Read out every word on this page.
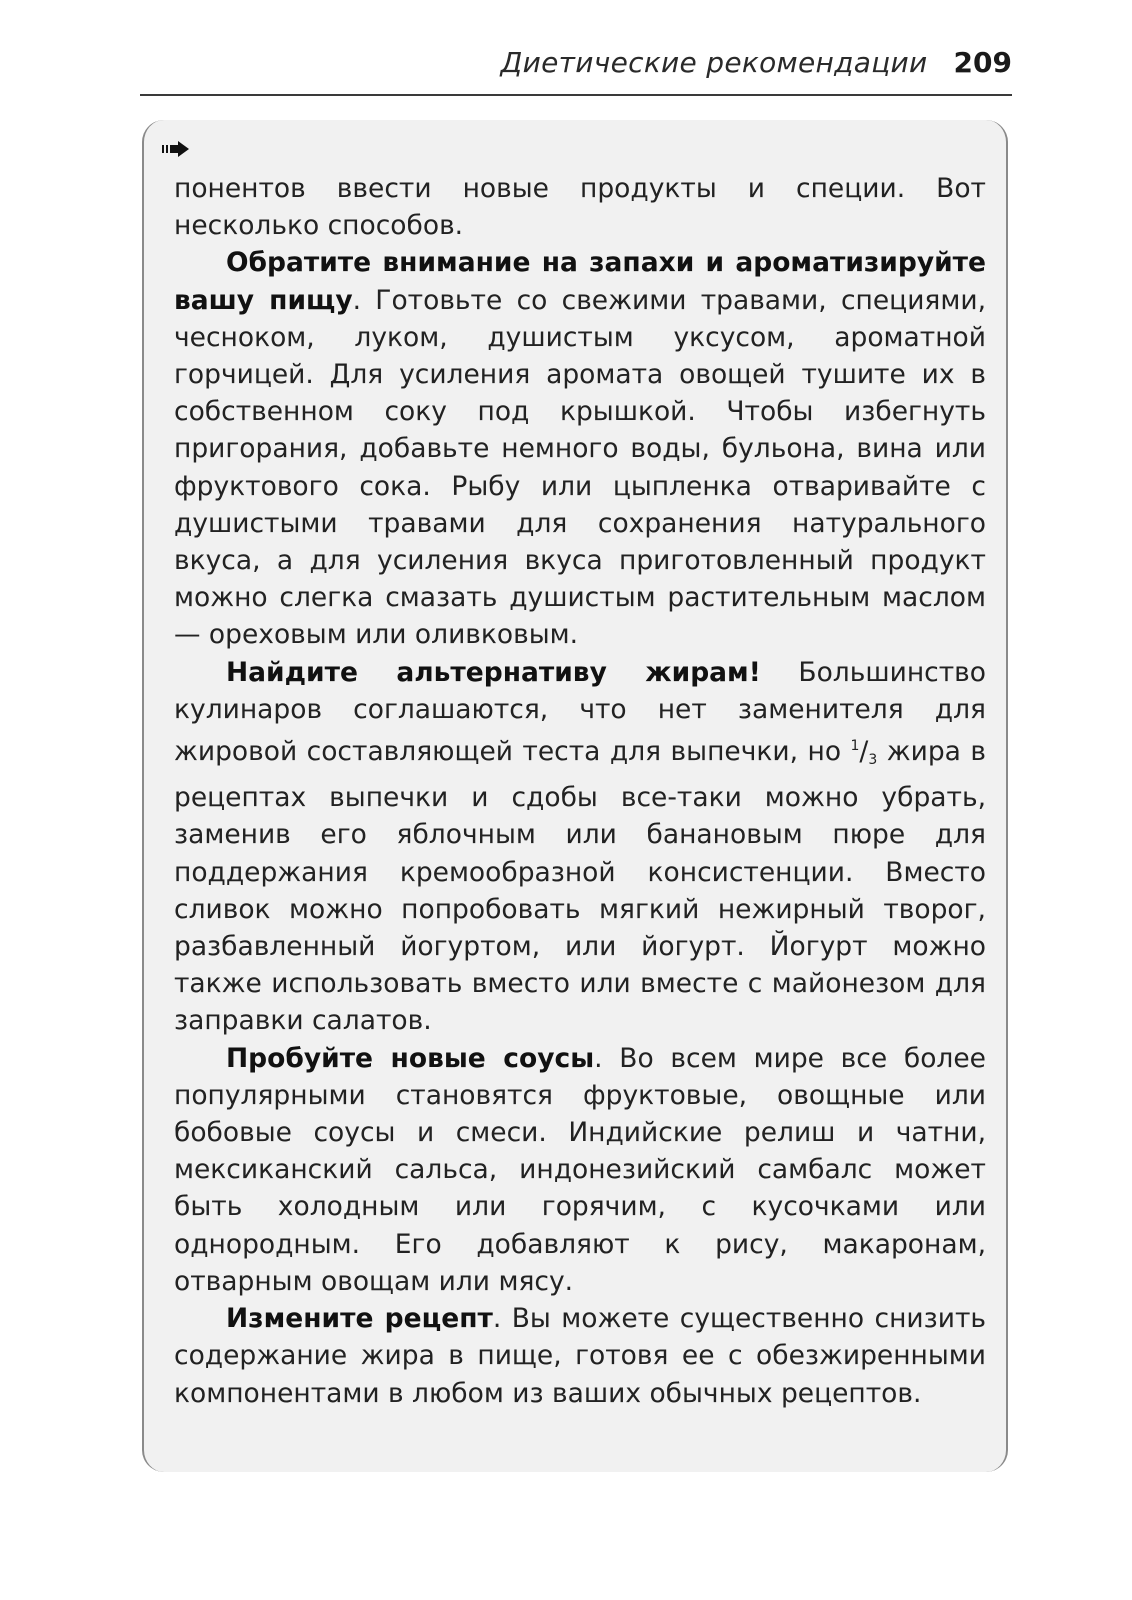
Диетические рекомендации 209

понентов ввести новые продукты и специи. Вот несколько способов.

Обратите внимание на запахи и ароматизируйте вашу пищу. Готовьте со свежими травами, специями, чесноком, луком, душистым уксусом, ароматной горчицей. Для усиления аромата овощей тушите их в собственном соку под крышкой. Чтобы избегнуть пригорания, добавьте немного воды, бульона, вина или фруктового сока. Рыбу или цыпленка отваривайте с душистыми травами для сохранения натурального вкуса, а для усиления вкуса приготовленный продукт можно слегка смазать душистым растительным маслом — ореховым или оливковым.

Найдите альтернативу жирам! Большинство кулинаров соглашаются, что нет заменителя для жировой составляющей теста для выпечки, но $^1/_3$ жира в рецептах выпечки и сдобы все-таки можно убрать, заменив его яблочным или банановым пюре для поддержания кремообразной консистенции. Вместо сливок можно попробовать мягкий нежирный творог, разбавленный йогуртом, или йогурт. Йогурт можно также использовать вместо или вместе с майонезом для заправки салатов.

Пробуйте новые соусы. Во всем мире все более популярными становятся фруктовые, овощные или бобовые соусы и смеси. Индийские релиш и чатни, мексиканский сальса, индонезийский самбалс может быть холодным или горячим, с кусочками или однородным. Его добавляют к рису, макаронам, отварным овощам или мясу.

Измените рецепт. Вы можете существенно снизить содержание жира в пище, готовя ее с обезжиренными компонентами в любом из ваших обычных рецептов.
